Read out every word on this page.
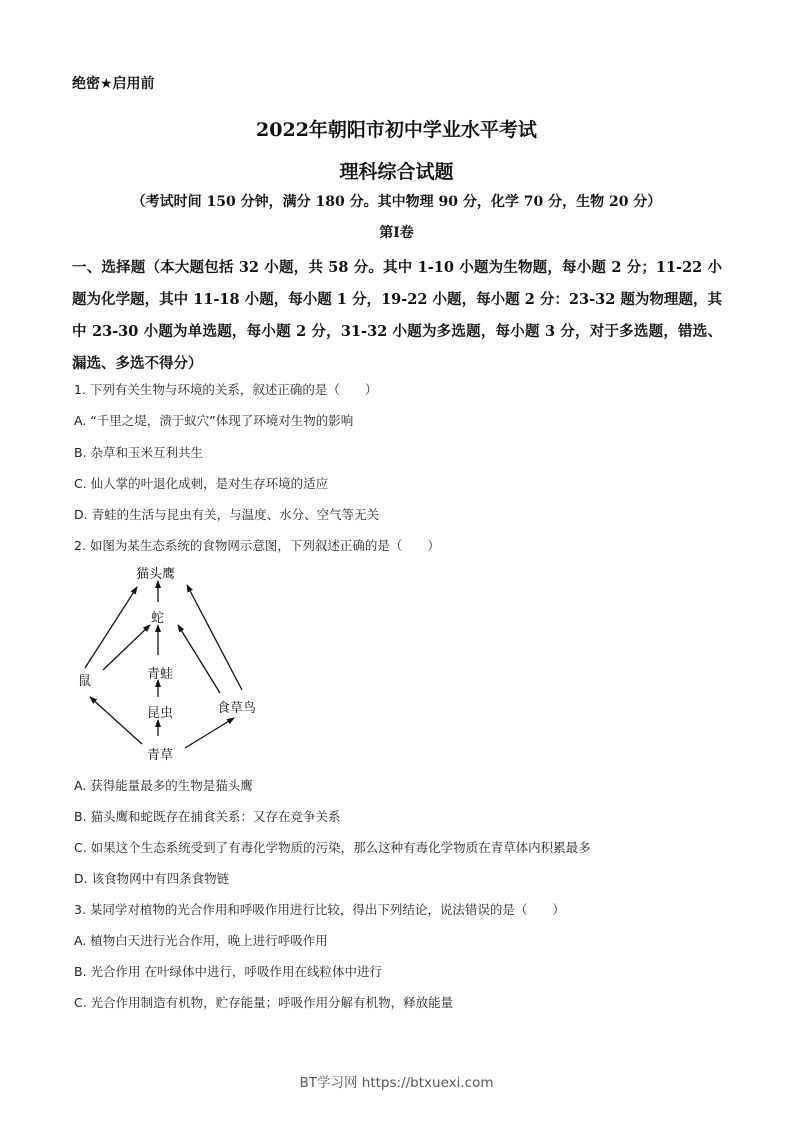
绝密★启用前
2022年朝阳市初中学业水平考试
理科综合试题
（考试时间 150 分钟，满分 180 分。其中物理 90 分，化学 70 分，生物 20 分）
第Ⅰ卷
一、选择题（本大题包括 32 小题，共 58 分。其中 1-10 小题为生物题，每小题 2 分；11-22 小题为化学题，其中 11-18 小题，每小题 1 分，19-22 小题，每小题 2 分：23-32 题为物理题，其中 23-30 小题为单选题，每小题 2 分，31-32 小题为多选题，每小题 3 分，对于多选题，错选、漏选、多选不得分）
1. 下列有关生物与环境的关系，叙述正确的是（　　）
A. “千里之堤，溃于蚁穴”体现了环境对生物的影响
B. 杂草和玉米互利共生
C. 仙人掌的叶退化成刺，是对生存环境的适应
D. 青蛙的生活与昆虫有关，与温度、水分、空气等无关
2. 如图为某生态系统的食物网示意图，下列叙述正确的是（　　）
猫头鹰
蛇
青蛙
鼠
昆虫	食草鸟
青草
A. 获得能量最多的生物是猫头鹰
B. 猫头鹰和蛇既存在捕食关系：又存在竞争关系
C. 如果这个生态系统受到了有毒化学物质的污染，那么这种有毒化学物质在青草体内积累最多
D. 该食物网中有四条食物链
3. 某同学对植物的光合作用和呼吸作用进行比较，得出下列结论，说法错误的是（　　）
A. 植物白天进行光合作用，晚上进行呼吸作用
B. 光合作用 在叶绿体中进行，呼吸作用在线粒体中进行
C. 光合作用制造有机物，贮存能量；呼吸作用分解有机物，释放能量
BT学习网 https://btxuexi.com
